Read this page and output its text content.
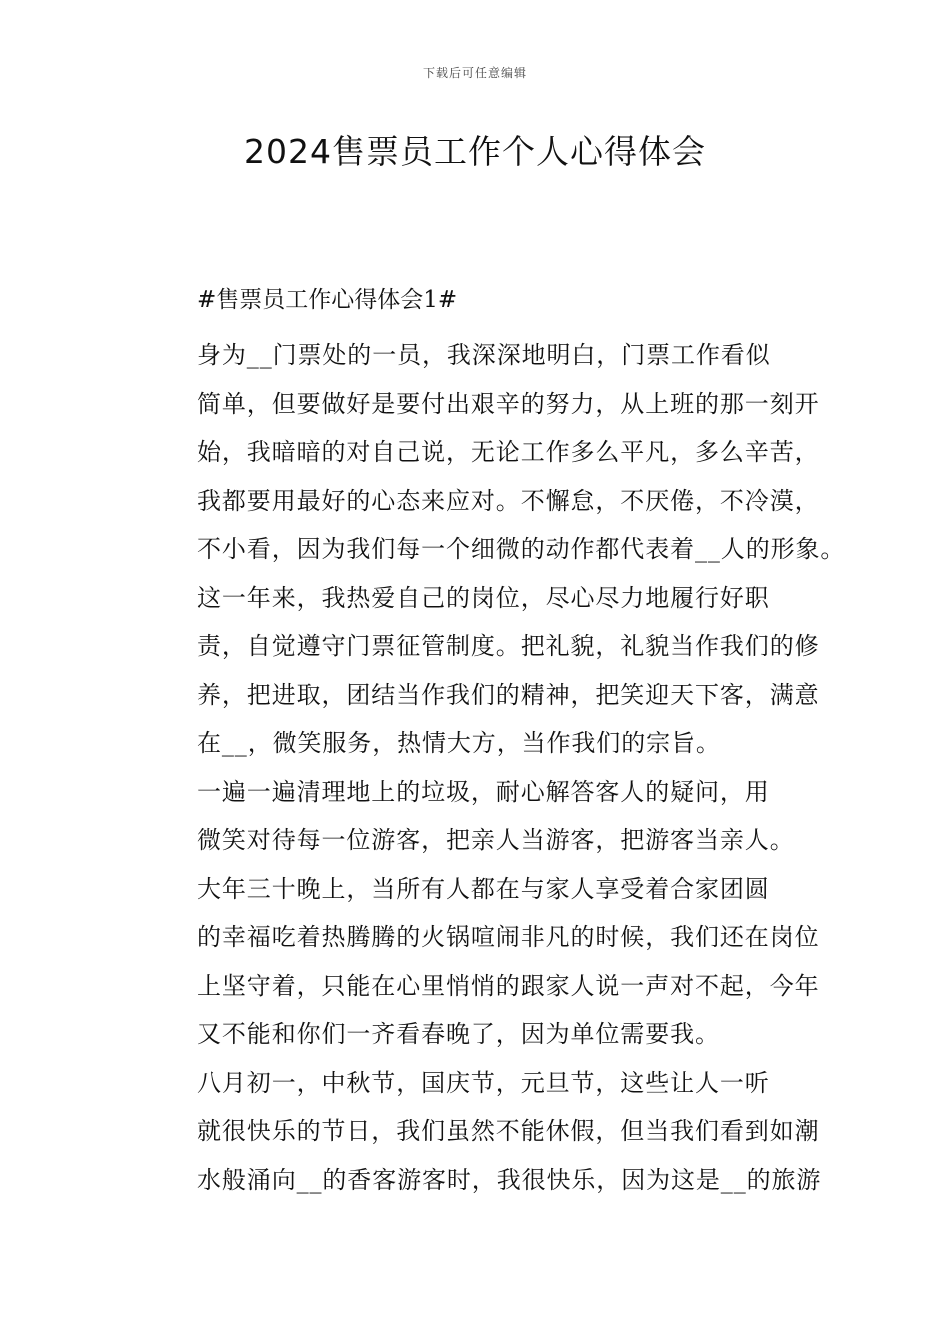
下载后可任意编辑
2024售票员工作个人心得体会

#售票员工作心得体会1#

身为__门票处的一员，我深深地明白，门票工作看似
简单，但要做好是要付出艰辛的努力，从上班的那一刻开
始，我暗暗的对自己说，无论工作多么平凡，多么辛苦，
我都要用最好的心态来应对。不懈怠，不厌倦，不冷漠，
不小看，因为我们每一个细微的动作都代表着__人的形象。

这一年来，我热爱自己的岗位，尽心尽力地履行好职
责，自觉遵守门票征管制度。把礼貌，礼貌当作我们的修
养，把进取，团结当作我们的精神，把笑迎天下客，满意
在__，微笑服务，热情大方，当作我们的宗旨。

一遍一遍清理地上的垃圾，耐心解答客人的疑问，用
微笑对待每一位游客，把亲人当游客，把游客当亲人。

大年三十晚上，当所有人都在与家人享受着合家团圆
的幸福吃着热腾腾的火锅喧闹非凡的时候，我们还在岗位
上坚守着，只能在心里悄悄的跟家人说一声对不起，今年
又不能和你们一齐看春晚了，因为单位需要我。

八月初一，中秋节，国庆节，元旦节，这些让人一听
就很快乐的节日，我们虽然不能休假，但当我们看到如潮
水般涌向__的香客游客时，我很快乐，因为这是__的旅游
